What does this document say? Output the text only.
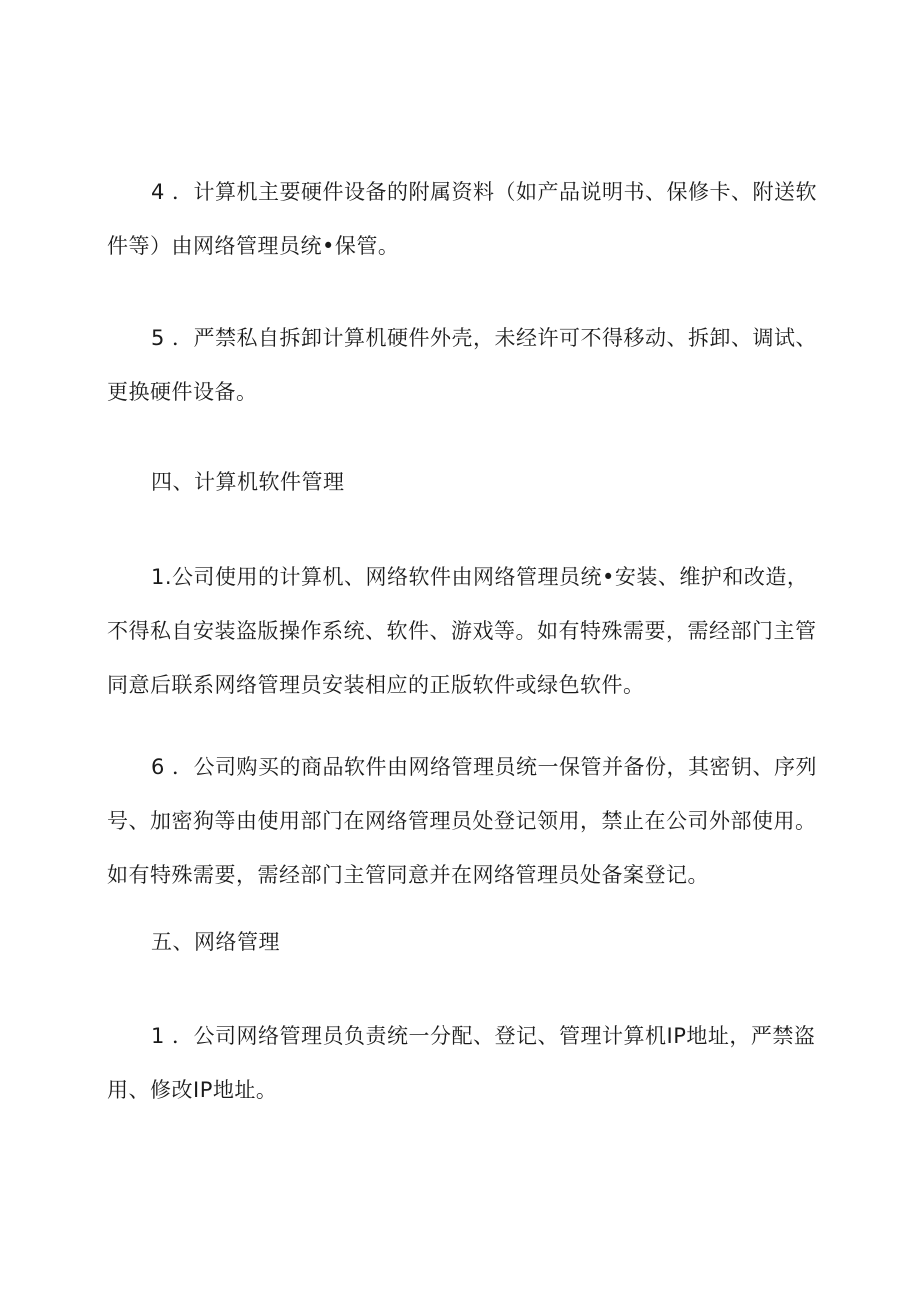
4 ．计算机主要硬件设备的附属资料（如产品说明书、保修卡、附送软
件等）由网络管理员统•保管。

5 ．严禁私自拆卸计算机硬件外壳，未经许可不得移动、拆卸、调试、
更换硬件设备。

四、计算机软件管理

1.公司使用的计算机、网络软件由网络管理员统•安装、维护和改造，
不得私自安装盗版操作系统、软件、游戏等。如有特殊需要，需经部门主管
同意后联系网络管理员安装相应的正版软件或绿色软件。

6 ．公司购买的商品软件由网络管理员统一保管并备份，其密钥、序列
号、加密狗等由使用部门在网络管理员处登记领用，禁止在公司外部使用。
如有特殊需要，需经部门主管同意并在网络管理员处备案登记。

五、网络管理

1 ．公司网络管理员负责统一分配、登记、管理计算机IP地址，严禁盗
用、修改IP地址。
